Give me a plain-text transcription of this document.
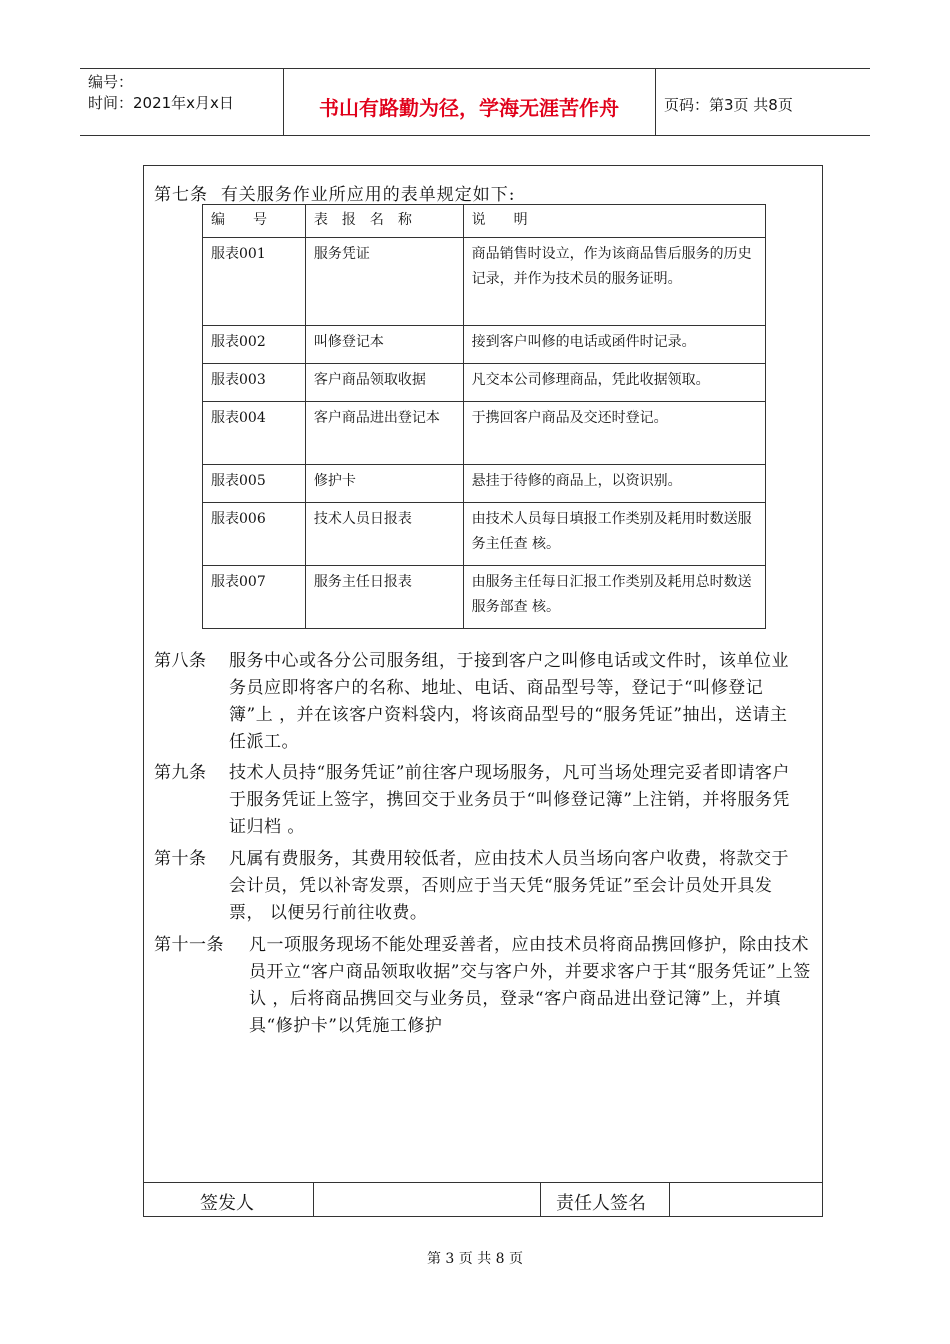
编号：
时间：2021年x月x日	书山有路勤为径，学海无涯苦作舟	页码：第3页 共8页
第七条 有关服务作业所应用的表单规定如下:
编　　号	表　报　名　称	说　　明
服表001	服务凭证	商品销售时设立，作为该商品售后服务的历史 记录，并作为技术员的服务证明。
服表002	叫修登记本	接到客户叫修的电话或函件时记录。
服表003	客户商品领取收据	凡交本公司修理商品，凭此收据领取。
服表004	客户商品进出登记本	于携回客户商品及交还时登记。
服表005	修护卡	悬挂于待修的商品上，以资识别。
服表006	技术人员日报表	由技术人员每日填报工作类别及耗用时数送服务主任查 核。
服表007	服务主任日报表	由服务主任每日汇报工作类别及耗用总时数送服务部查 核。
第八条 服务中心或各分公司服务组，于接到客户之叫修电话或文件时，该单位业务员应即将客户的名称、地址、电话、商品型号等，登记于“叫修登记簿”上 ，并在该客户资料袋内，将该商品型号的“服务凭证”抽出，送请主任派工。
第九条 技术人员持“服务凭证”前往客户现场服务，凡可当场处理完妥者即请客户于服务凭证上签字，携回交于业务员于“叫修登记簿”上注销，并将服务凭证归档 。
第十条 凡属有费服务，其费用较低者，应由技术人员当场向客户收费，将款交于会计员，凭以补寄发票，否则应于当天凭“服务凭证”至会计员处开具发票， 以便另行前往收费。
第十一条 凡一项服务现场不能处理妥善者，应由技术员将商品携回修护，除由技术员开立“客户商品领取收据”交与客户外，并要求客户于其“服务凭证”上签认 ，后将商品携回交与业务员，登录“客户商品进出登记簿”上，并填具“修护卡”以凭施工修护
签发人	责任人签名
第 3 页 共 8 页
